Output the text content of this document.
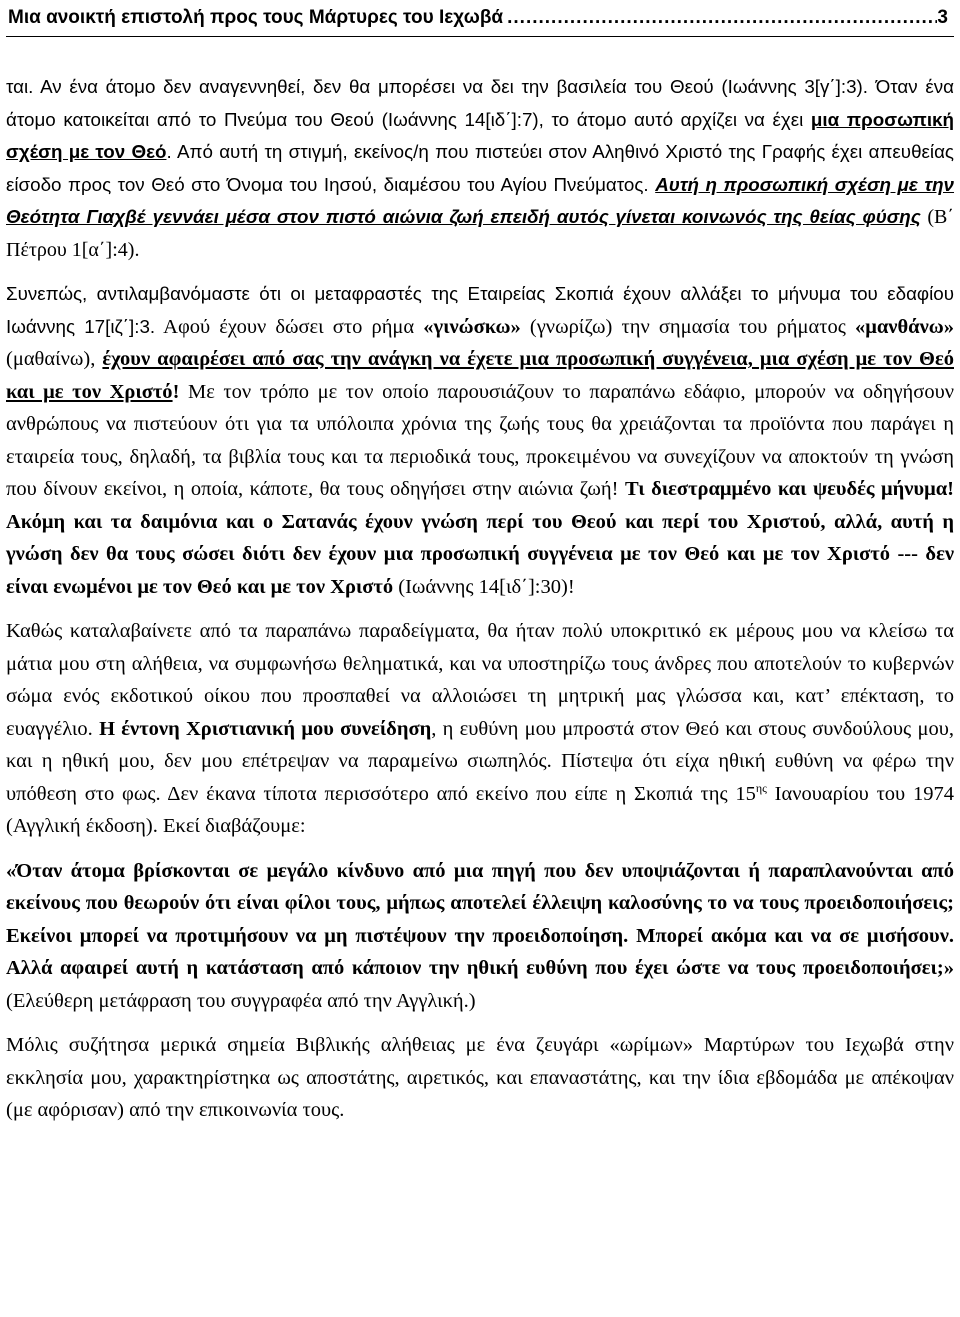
Μια ανοικτή επιστολή προς τους Μάρτυρες του Ιεχωβά
.....	3

ται. Αν ένα άτομο δεν αναγεννηθεί, δεν θα μπορέσει να δει την βασιλεία του Θεού (Ιωάννης 3[γ΄]:3). Όταν ένα άτομο κατοικείται από το Πνεύμα του Θεού (Ιωάννης 14[ιδ΄]:7), το άτομο αυτό αρχίζει να έχει μια προσωπική σχέση με τον Θεό. Από αυτή τη στιγμή, εκείνος/η που πιστεύει στον Αληθινό Χριστό της Γραφής έχει απευθείας είσοδο προς τον Θεό στο Όνομα του Ιησού, διαμέσου του Αγίου Πνεύματος. Αυτή η προσωπική σχέση με την Θεότητα Γιαχβέ γεννάει μέσα στον πιστό αιώνια ζωή επειδή αυτός γίνεται κοινωνός της θείας φύσης (Β΄ Πέτρου 1[α΄]:4).

Συνεπώς, αντιλαμβανόμαστε ότι οι μεταφραστές της Εταιρείας Σκοπιά έχουν αλλάξει το μήνυμα του εδαφίου Ιωάννης 17[ιζ΄]:3. Αφού έχουν δώσει στο ρήμα «γινώσκω» (γνωρίζω) την σημασία του ρήματος «μανθάνω» (μαθαίνω), έχουν αφαιρέσει από σας την ανάγκη να έχετε μια προσωπική συγγένεια, μια σχέση με τον Θεό και με τον Χριστό! Με τον τρόπο με τον οποίο παρουσιάζουν το παραπάνω εδάφιο, μπορούν να οδηγήσουν ανθρώπους να πιστεύουν ότι για τα υπόλοιπα χρόνια της ζωής τους θα χρειάζονται τα προϊόντα που παράγει η εταιρεία τους, δηλαδή, τα βιβλία τους και τα περιοδικά τους, προκειμένου να συνεχίζουν να αποκτούν τη γνώση που δίνουν εκείνοι, η οποία, κάποτε, θα τους οδηγήσει στην αιώνια ζωή! Τι διεστραμμένο και ψευδές μήνυμα! Ακόμη και τα δαιμόνια και ο Σατανάς έχουν γνώση περί του Θεού και περί του Χριστού, αλλά, αυτή η γνώση δεν θα τους σώσει διότι δεν έχουν μια προσωπική συγγένεια με τον Θεό και με τον Χριστό --- δεν είναι ενωμένοι με τον Θεό και με τον Χριστό (Ιωάννης 14[ιδ΄]:30)!

Καθώς καταλαβαίνετε από τα παραπάνω παραδείγματα, θα ήταν πολύ υποκριτικό εκ μέρους μου να κλείσω τα μάτια μου στη αλήθεια, να συμφωνήσω θεληματικά, και να υποστηρίζω τους άνδρες που αποτελούν το κυβερνών σώμα ενός εκδοτικού οίκου που προσπαθεί να αλλοιώσει τη μητρική μας γλώσσα και, κατ’ επέκταση, το ευαγγέλιο. Η έντονη Χριστιανική μου συνείδηση, η ευθύνη μου μπροστά στον Θεό και στους συνδούλους μου, και η ηθική μου, δεν μου επέτρεψαν να παραμείνω σιωπηλός. Πίστεψα ότι είχα ηθική ευθύνη να φέρω την υπόθεση στο φως. Δεν έκανα τίποτα περισσότερο από εκείνο που είπε η Σκοπιά της $15^{\eta\varsigma}$ Ιανουαρίου του 1974 (Αγγλική έκδοση). Εκεί διαβάζουμε:

«Όταν άτομα βρίσκονται σε μεγάλο κίνδυνο από μια πηγή που δεν υποψιάζονται ή παραπλανούνται από εκείνους που θεωρούν ότι είναι φίλοι τους, μήπως αποτελεί έλλειψη καλοσύνης το να τους προειδοποιήσεις; Εκείνοι μπορεί να προτιμήσουν να μη πιστέψουν την προειδοποίηση. Μπορεί ακόμα και να σε μισήσουν. Αλλά αφαιρεί αυτή η κατάσταση από κάποιον την ηθική ευθύνη που έχει ώστε να τους προειδοποιήσει;» (Ελεύθερη μετάφραση του συγγραφέα από την Αγγλική.)

Μόλις συζήτησα μερικά σημεία Βιβλικής αλήθειας με ένα ζευγάρι «ωρίμων» Μαρτύρων του Ιεχωβά στην εκκλησία μου, χαρακτηρίστηκα ως αποστάτης, αιρετικός, και επαναστάτης, και την ίδια εβδομάδα με απέκοψαν (με αφόρισαν) από την επικοινωνία τους.
